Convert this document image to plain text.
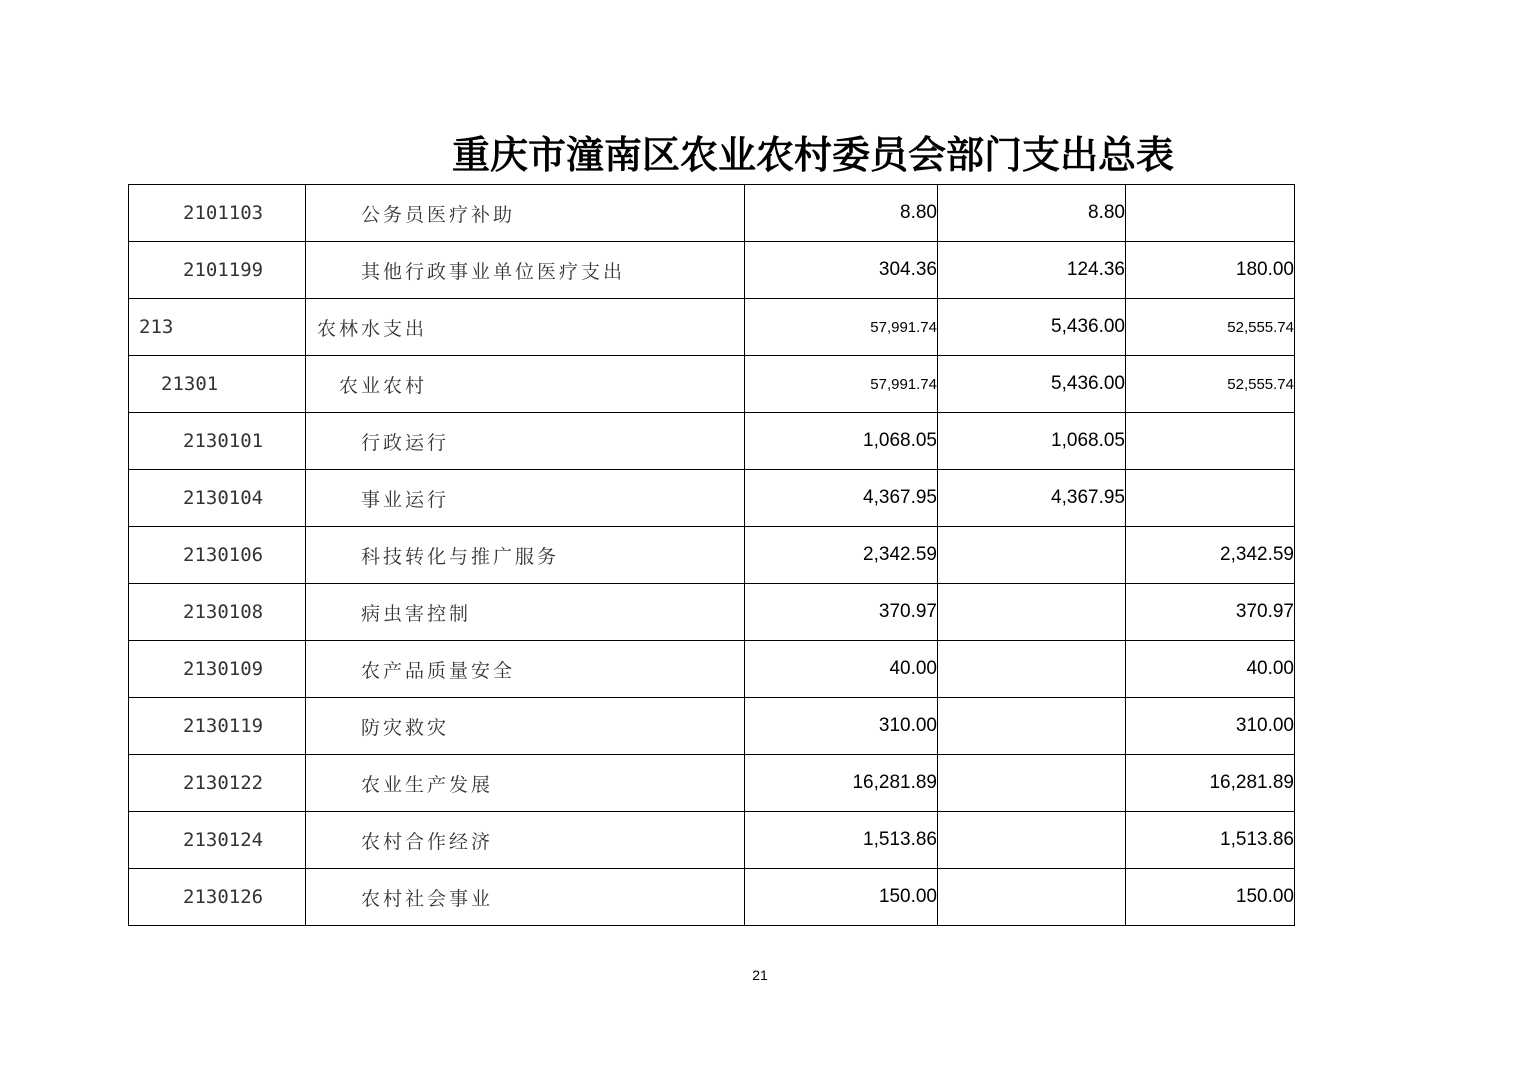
重庆市潼南区农业农村委员会部门支出总表
2101103	公务员医疗补助	8.80	8.80	
2101199	其他行政事业单位医疗支出	304.36	124.36	180.00
213	农林水支出	57,991.74	5,436.00	52,555.74
21301	农业农村	57,991.74	5,436.00	52,555.74
2130101	行政运行	1,068.05	1,068.05	
2130104	事业运行	4,367.95	4,367.95	
2130106	科技转化与推广服务	2,342.59		2,342.59
2130108	病虫害控制	370.97		370.97
2130109	农产品质量安全	40.00		40.00
2130119	防灾救灾	310.00		310.00
2130122	农业生产发展	16,281.89		16,281.89
2130124	农村合作经济	1,513.86		1,513.86
2130126	农村社会事业	150.00		150.00
21
